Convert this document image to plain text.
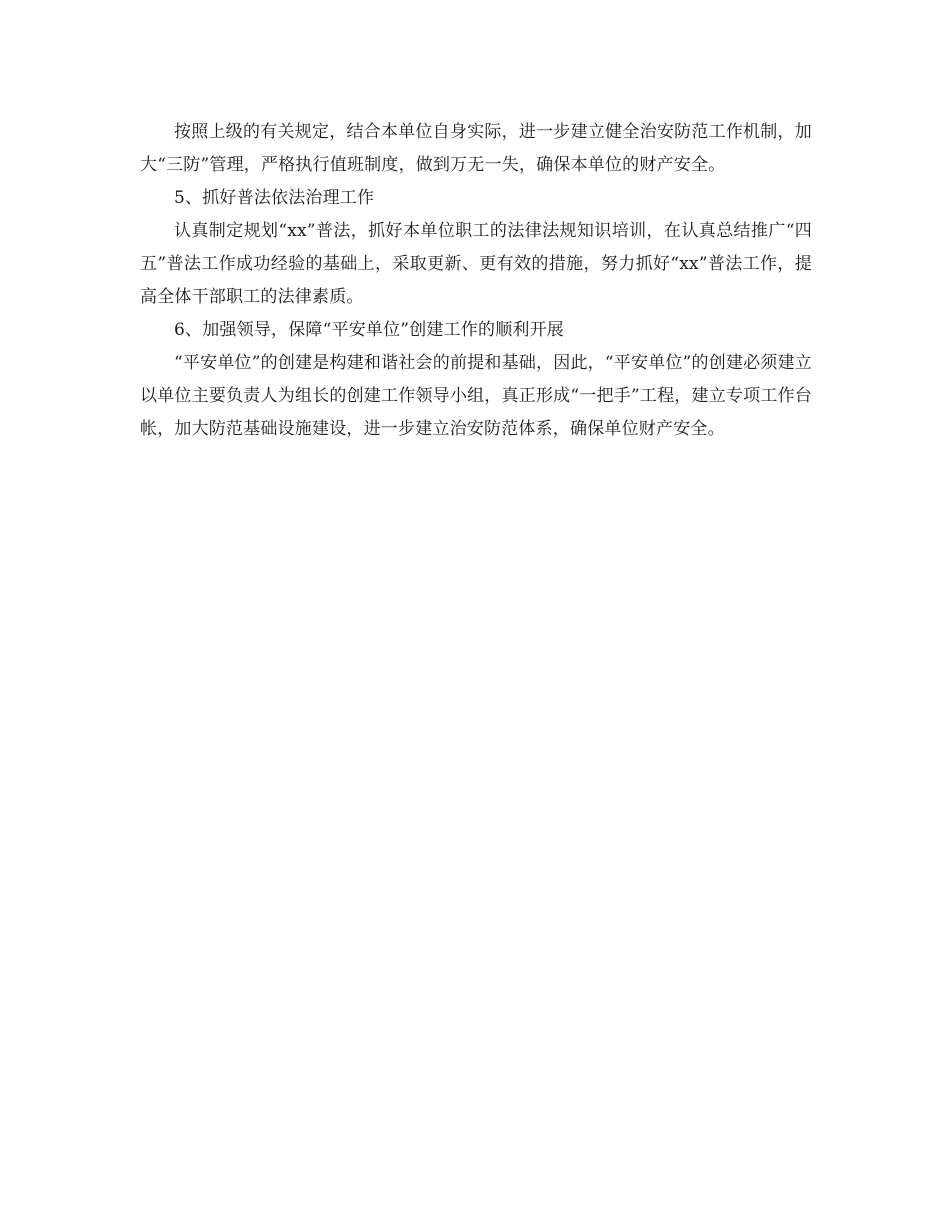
按照上级的有关规定，结合本单位自身实际，进一步建立健全治安防范工作机制，加大“三防”管理，严格执行值班制度，做到万无一失，确保本单位的财产安全。

5、抓好普法依法治理工作

认真制定规划“xx”普法，抓好本单位职工的法律法规知识培训，在认真总结推广“四五”普法工作成功经验的基础上，采取更新、更有效的措施，努力抓好“xx”普法工作，提高全体干部职工的法律素质。

6、加强领导，保障“平安单位”创建工作的顺利开展

“平安单位”的创建是构建和谐社会的前提和基础，因此，“平安单位”的创建必须建立以单位主要负责人为组长的创建工作领导小组，真正形成“一把手”工程，建立专项工作台帐，加大防范基础设施建设，进一步建立治安防范体系，确保单位财产安全。
